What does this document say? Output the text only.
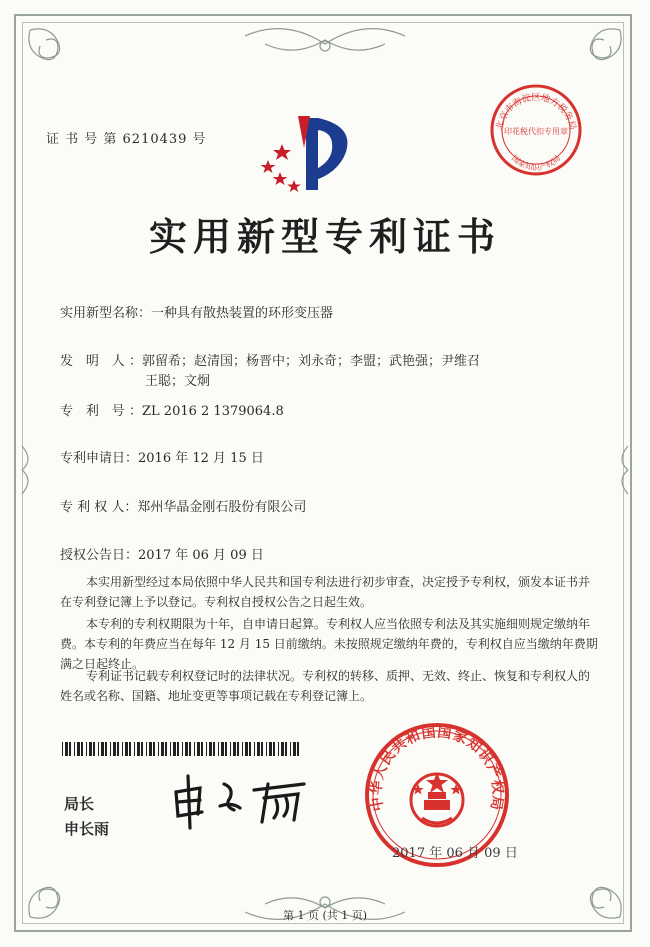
证 书 号 第 6210439 号
北京市海淀区地方税务局
国家知识产权局
印花税代扣专用章
实用新型专利证书
实用新型名称：一种具有散热装置的环形变压器
发 明 人：郭留希；赵清国；杨晋中；刘永奇；李盟；武艳强；尹维召
王聪；文炯
专 利 号：ZL 2016 2 1379064.8
专利申请日：2016 年 12 月 15 日
专 利 权 人：郑州华晶金刚石股份有限公司
授权公告日：2017 年 06 月 09 日
本实用新型经过本局依照中华人民共和国专利法进行初步审查，决定授予专利权，颁发本证书并在专利登记簿上予以登记。专利权自授权公告之日起生效。
本专利的专利权期限为十年，自申请日起算。专利权人应当依照专利法及其实施细则规定缴纳年费。本专利的年费应当在每年 12 月 15 日前缴纳。未按照规定缴纳年费的，专利权自应当缴纳年费期满之日起终止。
专利证书记载专利权登记时的法律状况。专利权的转移、质押、无效、终止、恢复和专利权人的姓名或名称、国籍、地址变更等事项记载在专利登记簿上。
申长雨
局长
申长雨
中华人民共和国国家知识产权局
2017 年 06 月 09 日
第 1 页 (共 1 页)
